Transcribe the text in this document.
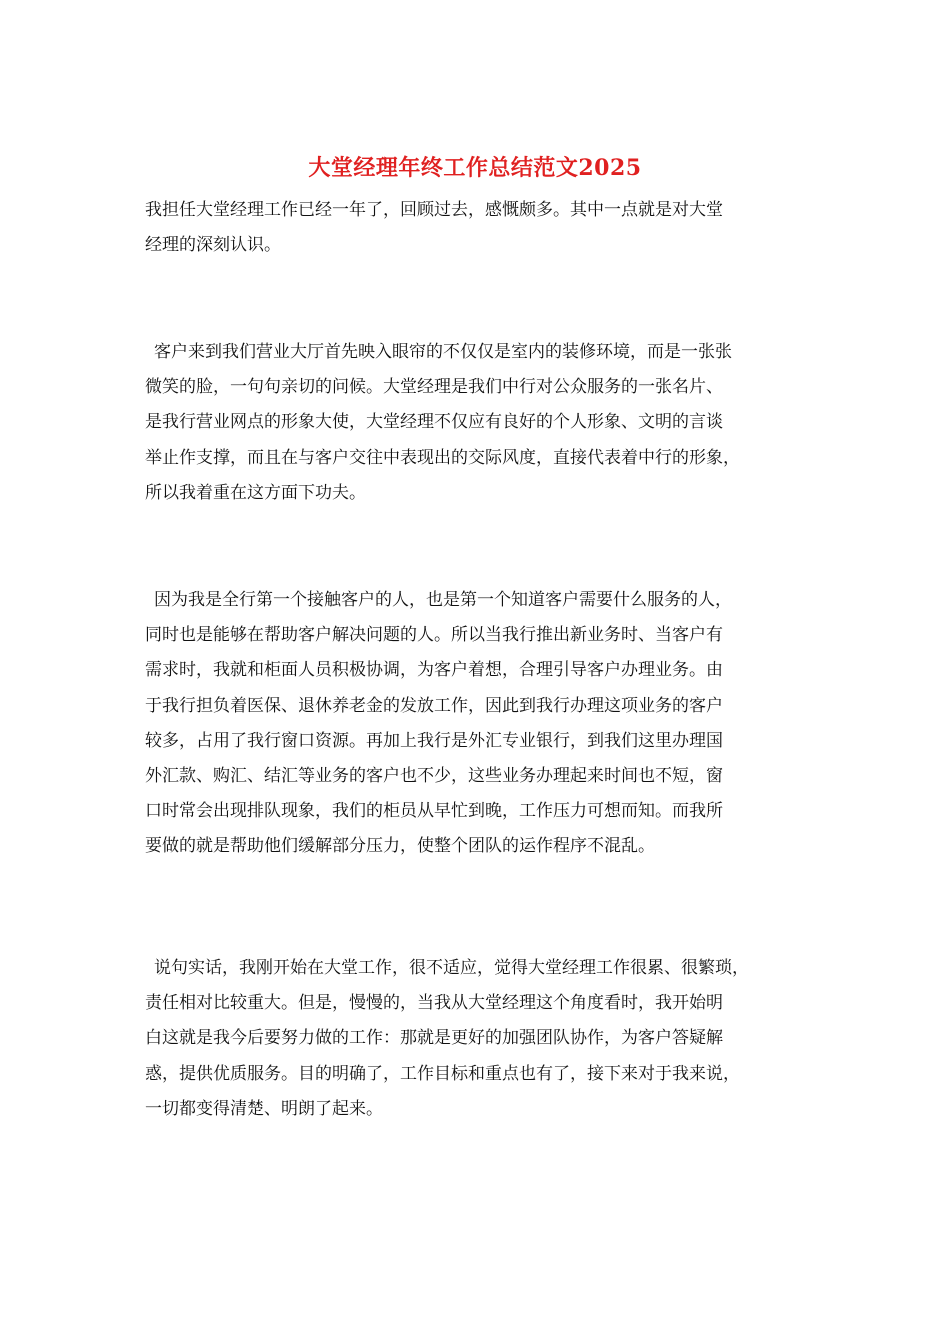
大堂经理年终工作总结范文2025
我担任大堂经理工作已经一年了，回顾过去，感慨颇多。其中一点就是对大堂
经理的深刻认识。
客户来到我们营业大厅首先映入眼帘的不仅仅是室内的装修环境，而是一张张
微笑的脸，一句句亲切的问候。大堂经理是我们中行对公众服务的一张名片、
是我行营业网点的形象大使，大堂经理不仅应有良好的个人形象、文明的言谈
举止作支撑，而且在与客户交往中表现出的交际风度，直接代表着中行的形象，
所以我着重在这方面下功夫。
因为我是全行第一个接触客户的人，也是第一个知道客户需要什么服务的人，
同时也是能够在帮助客户解决问题的人。所以当我行推出新业务时、当客户有
需求时，我就和柜面人员积极协调，为客户着想，合理引导客户办理业务。由
于我行担负着医保、退休养老金的发放工作，因此到我行办理这项业务的客户
较多，占用了我行窗口资源。再加上我行是外汇专业银行，到我们这里办理国
外汇款、购汇、结汇等业务的客户也不少，这些业务办理起来时间也不短，窗
口时常会出现排队现象，我们的柜员从早忙到晚，工作压力可想而知。而我所
要做的就是帮助他们缓解部分压力，使整个团队的运作程序不混乱。
说句实话，我刚开始在大堂工作，很不适应，觉得大堂经理工作很累、很繁琐，
责任相对比较重大。但是，慢慢的，当我从大堂经理这个角度看时，我开始明
白这就是我今后要努力做的工作：那就是更好的加强团队协作，为客户答疑解
惑，提供优质服务。目的明确了，工作目标和重点也有了，接下来对于我来说，
一切都变得清楚、明朗了起来。
